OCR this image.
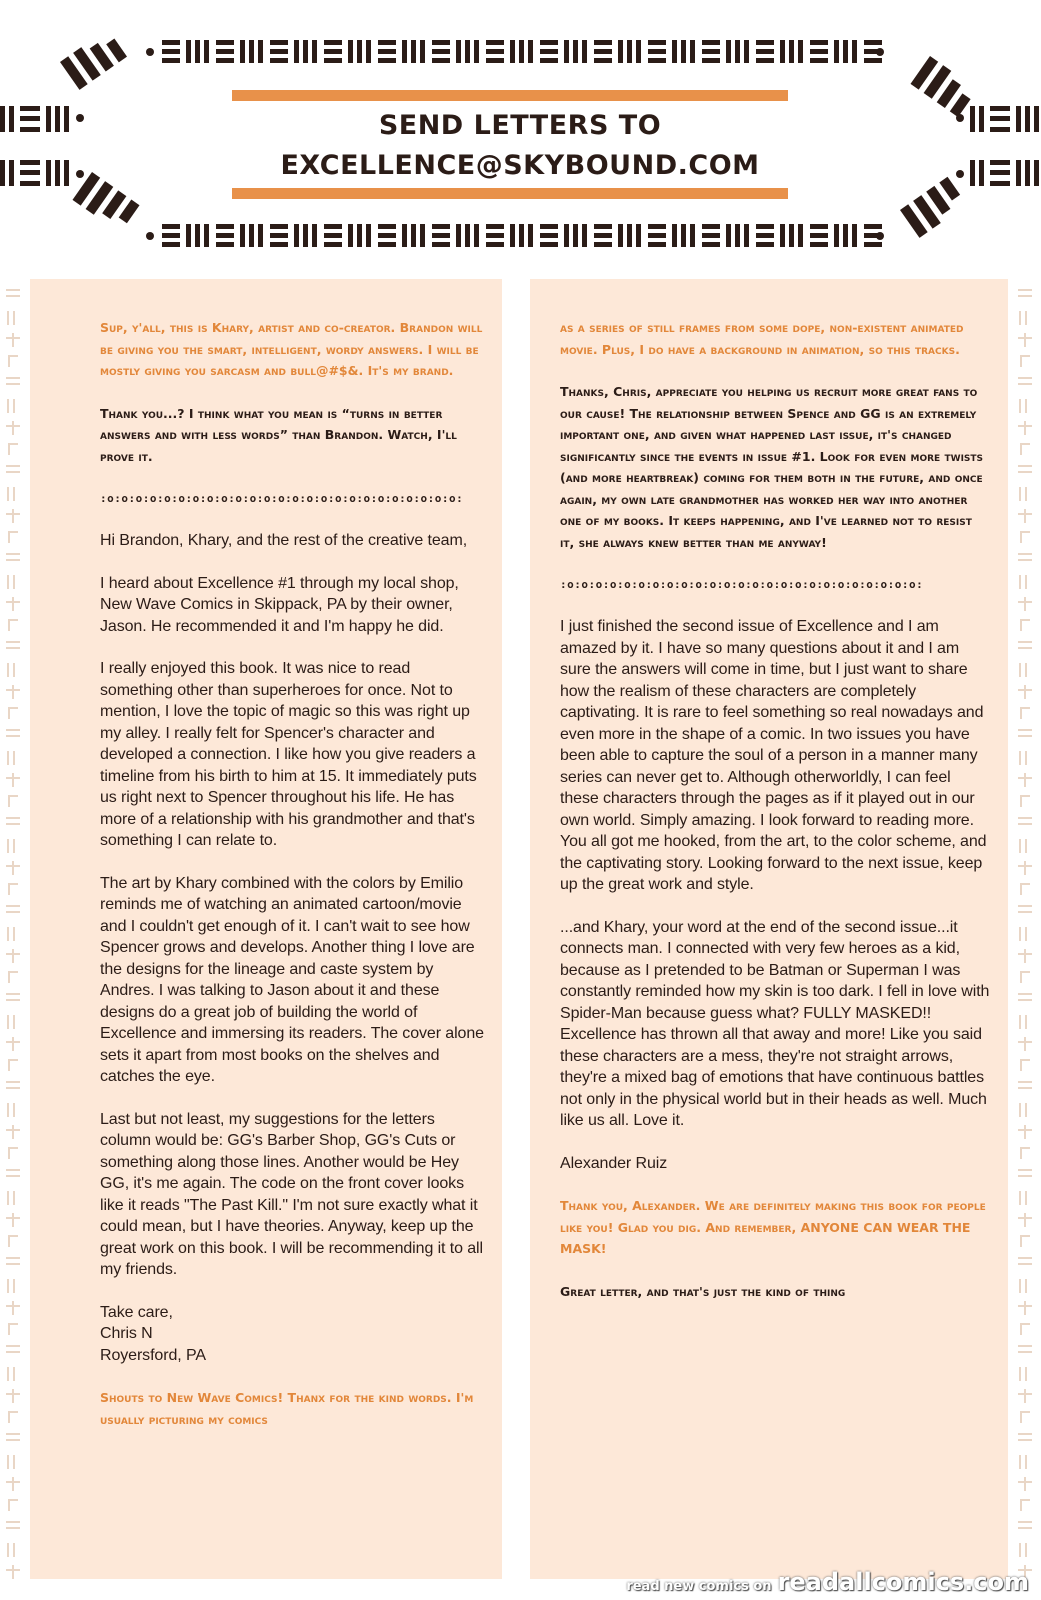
SEND LETTERS TO
EXCELLENCE@SKYBOUND.COM

Sup, y'all, this is Khary, artist and co-creator. Brandon will be giving you the smart, intelligent, wordy answers. I will be mostly giving you sarcasm and bull@#$&. It's my brand.

Thank you...? I think what you mean is “turns in better answers and with less words” than Brandon. Watch, I'll prove it.

:o:o:o:o:o:o:o:o:o:o:o:o:o:o:o:o:o:o:o:o:o:o:o:o:o:

Hi Brandon, Khary, and the rest of the creative team,

I heard about Excellence #1 through my local shop, New Wave Comics in Skippack, PA by their owner, Jason. He recommended it and I'm happy he did.

I really enjoyed this book. It was nice to read something other than superheroes for once. Not to mention, I love the topic of magic so this was right up my alley. I really felt for Spencer's character and developed a connection. I like how you give readers a timeline from his birth to him at 15. It immediately puts us right next to Spencer throughout his life. He has more of a relationship with his grandmother and that's something I can relate to.

The art by Khary combined with the colors by Emilio reminds me of watching an animated cartoon/movie and I couldn't get enough of it. I can't wait to see how Spencer grows and develops. Another thing I love are the designs for the lineage and caste system by Andres. I was talking to Jason about it and these designs do a great job of building the world of Excellence and immersing its readers. The cover alone sets it apart from most books on the shelves and catches the eye.

Last but not least, my suggestions for the letters column would be: GG's Barber Shop, GG's Cuts or something along those lines. Another would be Hey GG, it's me again. The code on the front cover looks like it reads "The Past Kill." I'm not sure exactly what it could mean, but I have theories. Anyway, keep up the great work on this book. I will be recommending it to all my friends.

Take care,

Chris N

Royersford, PA

Shouts to New Wave Comics! Thanx for the kind words. I'm usually picturing my comics

as a series of still frames from some dope, non-existent animated movie. Plus, I do have a background in animation, so this tracks.

Thanks, Chris, appreciate you helping us recruit more great fans to our cause! The relationship between Spence and GG is an extremely important one, and given what happened last issue, it's changed significantly since the events in issue #1. Look for even more twists (and more heartbreak) coming for them both in the future, and once again, my own late grandmother has worked her way into another one of my books. It keeps happening, and I've learned not to resist it, she always knew better than me anyway!

:o:o:o:o:o:o:o:o:o:o:o:o:o:o:o:o:o:o:o:o:o:o:o:o:o:

I just finished the second issue of Excellence and I am amazed by it. I have so many questions about it and I am sure the answers will come in time, but I just want to share how the realism of these characters are completely captivating. It is rare to feel something so real nowadays and even more in the shape of a comic. In two issues you have been able to capture the soul of a person in a manner many series can never get to. Although otherworldly, I can feel these characters through the pages as if it played out in our own world. Simply amazing. I look forward to reading more. You all got me hooked, from the art, to the color scheme, and the captivating story. Looking forward to the next issue, keep up the great work and style.

...and Khary, your word at the end of the second issue...it connects man. I connected with very few heroes as a kid, because as I pretended to be Batman or Superman I was constantly reminded how my skin is too dark. I fell in love with Spider-Man because guess what? FULLY MASKED!! Excellence has thrown all that away and more! Like you said these characters are a mess, they're not straight arrows, they're a mixed bag of emotions that have continuous battles not only in the physical world but in their heads as well. Much like us all. Love it.

Alexander Ruiz

Thank you, Alexander. We are definitely making this book for people like you! Glad you dig. And remember, ANYONE CAN WEAR THE MASK!

Great letter, and that's just the kind of thing

read new comics on readallcomics.com
